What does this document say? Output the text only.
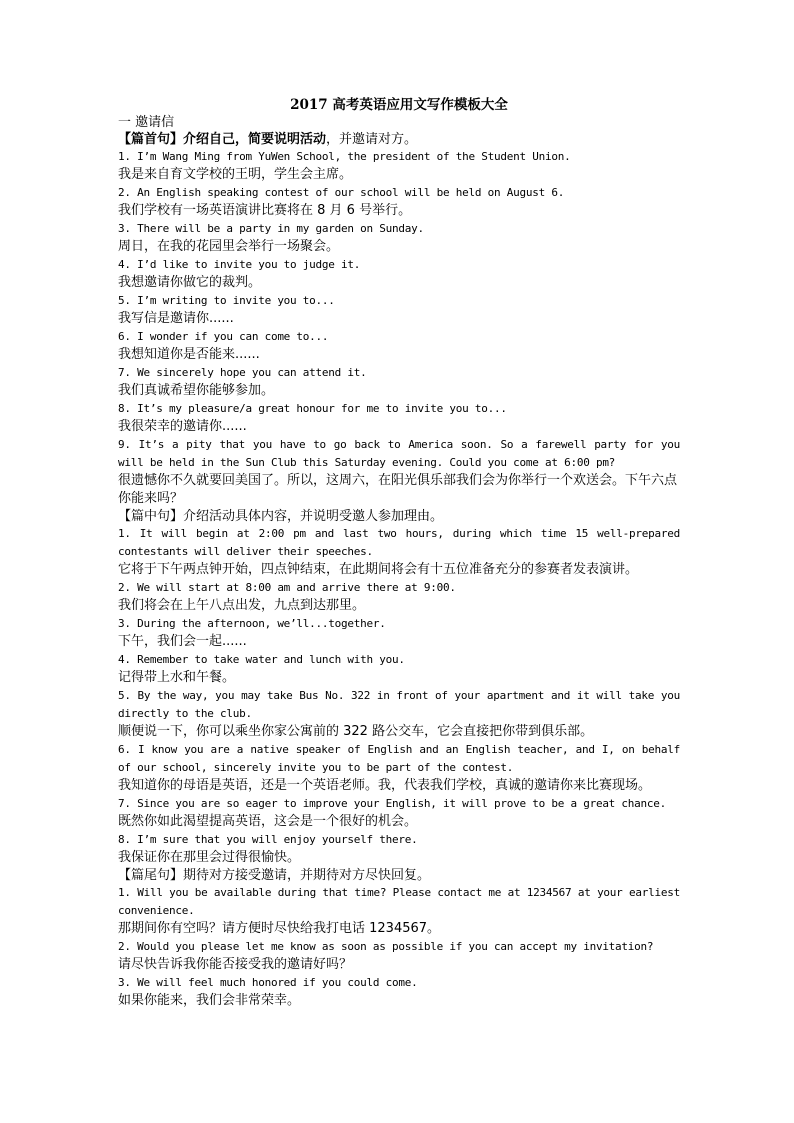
2017 高考英语应用文写作模板大全
一 邀请信
【篇首句】介绍自己，简要说明活动，并邀请对方。
1. I’m Wang Ming from YuWen School, the president of the Student Union.
我是来自育文学校的王明，学生会主席。
2. An English speaking contest of our school will be held on August 6.
我们学校有一场英语演讲比赛将在 8 月 6 号举行。
3. There will be a party in my garden on Sunday.
周日，在我的花园里会举行一场聚会。
4. I’d like to invite you to judge it.
我想邀请你做它的裁判。
5. I’m writing to invite you to...
我写信是邀请你......
6. I wonder if you can come to...
我想知道你是否能来......
7. We sincerely hope you can attend it.
我们真诚希望你能够参加。
8. It’s my pleasure/a great honour for me to invite you to...
我很荣幸的邀请你......
9. It’s a pity that you have to go back to America soon. So a farewell party for you will be held in the Sun Club this Saturday evening. Could you come at 6:00 pm?
很遗憾你不久就要回美国了。所以，这周六，在阳光俱乐部我们会为你举行一个欢送会。下午六点你能来吗？
【篇中句】介绍活动具体内容，并说明受邀人参加理由。
1. It will begin at 2:00 pm and last two hours, during which time 15 well-prepared contestants will deliver their speeches.
它将于下午两点钟开始，四点钟结束，在此期间将会有十五位准备充分的参赛者发表演讲。
2. We will start at 8:00 am and arrive there at 9:00.
我们将会在上午八点出发，九点到达那里。
3. During the afternoon, we’ll...together.
下午，我们会一起......
4. Remember to take water and lunch with you.
记得带上水和午餐。
5. By the way, you may take Bus No. 322 in front of your apartment and it will take you directly to the club.
顺便说一下，你可以乘坐你家公寓前的 322 路公交车，它会直接把你带到俱乐部。
6. I know you are a native speaker of English and an English teacher, and I, on behalf of our school, sincerely invite you to be part of the contest.
我知道你的母语是英语，还是一个英语老师。我，代表我们学校，真诚的邀请你来比赛现场。
7. Since you are so eager to improve your English, it will prove to be a great chance.
既然你如此渴望提高英语，这会是一个很好的机会。
8. I’m sure that you will enjoy yourself there.
我保证你在那里会过得很愉快。
【篇尾句】期待对方接受邀请，并期待对方尽快回复。
1. Will you be available during that time? Please contact me at 1234567 at your earliest convenience.
那期间你有空吗？请方便时尽快给我打电话 1234567。
2. Would you please let me know as soon as possible if you can accept my invitation?
请尽快告诉我你能否接受我的邀请好吗？
3. We will feel much honored if you could come.
如果你能来，我们会非常荣幸。
